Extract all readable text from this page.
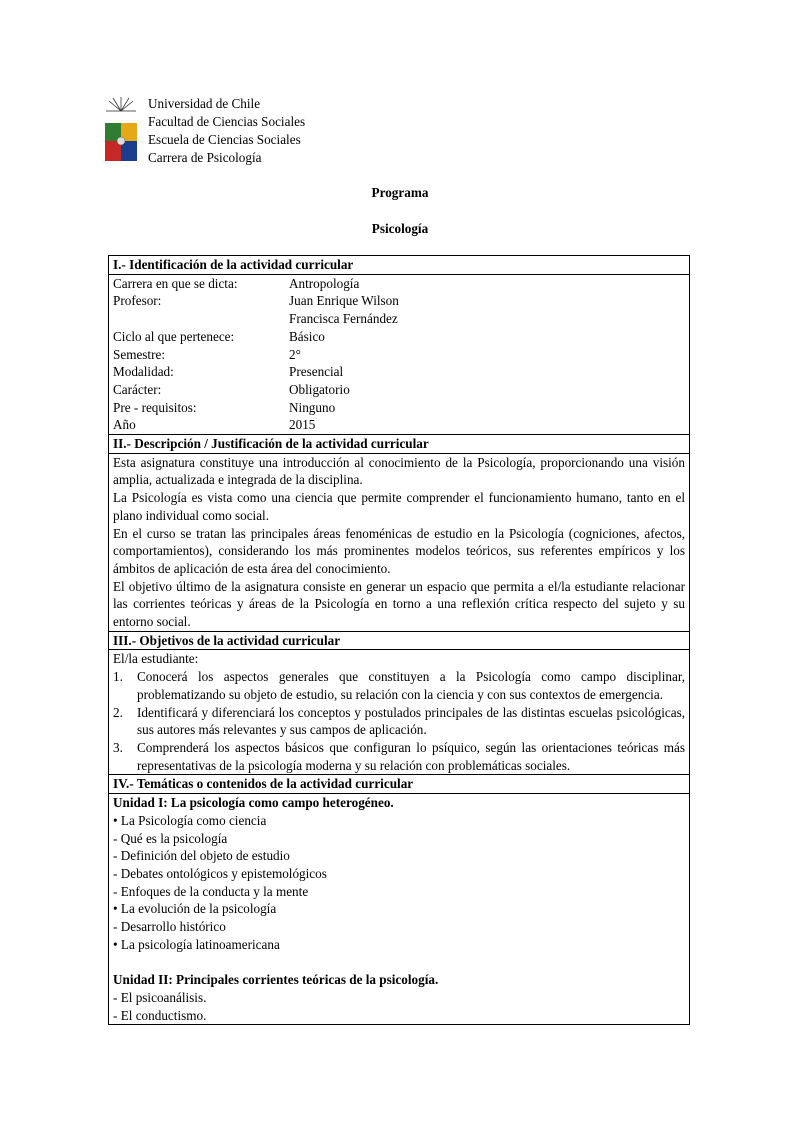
Universidad de Chile
Facultad de Ciencias Sociales
Escuela de Ciencias Sociales
Carrera de Psicología
Programa
Psicología
I.- Identificación de la actividad curricular
Carrera en que se dicta:	Antropología
Profesor:	Juan Enrique Wilson
Francisca Fernández
Ciclo al que pertenece:	Básico
Semestre:	2°
Modalidad:	Presencial
Carácter:	Obligatorio
Pre - requisitos:	Ninguno
Año	2015
II.- Descripción / Justificación de la actividad curricular
Esta asignatura constituye una introducción al conocimiento de la Psicología, proporcionando una visión amplia, actualizada e integrada de la disciplina.
La Psicología es vista como una ciencia que permite comprender el funcionamiento humano, tanto en el plano individual como social.
En el curso se tratan las principales áreas fenoménicas de estudio en la Psicología (cogniciones, afectos, comportamientos), considerando los más prominentes modelos teóricos, sus referentes empíricos y los ámbitos de aplicación de esta área del conocimiento.
El objetivo último de la asignatura consiste en generar un espacio que permita a el/la estudiante relacionar las corrientes teóricas y áreas de la Psicología en torno a una reflexión crítica respecto del sujeto y su entorno social.
III.- Objetivos de la actividad curricular
El/la estudiante:
1.	Conocerá los aspectos generales que constituyen a la Psicología como campo disciplinar, problematizando su objeto de estudio, su relación con la ciencia y con sus contextos de emergencia.
2.	Identificará y diferenciará los conceptos y postulados principales de las distintas escuelas psicológicas, sus autores más relevantes y sus campos de aplicación.
3.	Comprenderá los aspectos básicos que configuran lo psíquico, según las orientaciones teóricas más representativas de la psicología moderna y su relación con problemáticas sociales.
IV.- Temáticas o contenidos de la actividad curricular
Unidad I: La psicología como campo heterogéneo.
• La Psicología como ciencia
- Qué es la psicología
- Definición del objeto de estudio
- Debates ontológicos y epistemológicos
- Enfoques de la conducta y la mente
• La evolución de la psicología
- Desarrollo histórico
• La psicología latinoamericana
Unidad II: Principales corrientes teóricas de la psicología.
- El psicoanálisis.
- El conductismo.
